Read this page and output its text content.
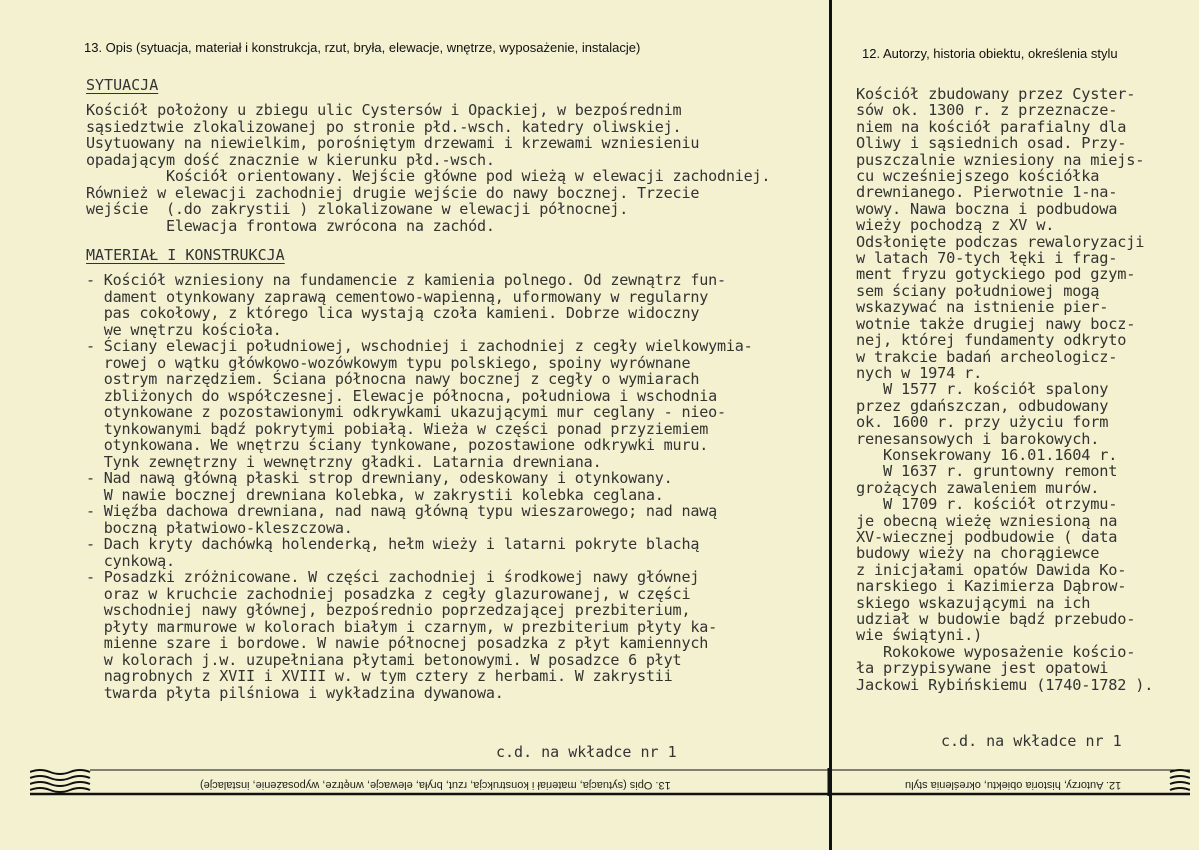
13. Opis (sytuacja, materiał i konstrukcja, rzut, bryła, elewacje, wnętrze, wyposażenie, instalacje)	12. Autorzy, historia obiektu, określenia stylu
SYTUACJA
Kościół położony u zbiegu ulic Cystersów i Opackiej, w bezpośrednim
sąsiedztwie zlokalizowanej po stronie płd.-wsch. katedry oliwskiej.
Usytuowany na niewielkim, porośniętym drzewami i krzewami wzniesieniu
opadającym dość znacznie w kierunku płd.-wsch.
Kościół orientowany. Wejście główne pod wieżą w elewacji zachodniej.
Również w elewacji zachodniej drugie wejście do nawy bocznej. Trzecie
wejście  (.do zakrystii ) zlokalizowane w elewacji północnej.
Elewacja frontowa zwrócona na zachód.
MATERIAŁ I KONSTRUKCJA
- Kościół wzniesiony na fundamencie z kamienia polnego. Od zewnątrz fun-
dament otynkowany zaprawą cementowo-wapienną, uformowany w regularny
pas cokołowy, z którego lica wystają czoła kamieni. Dobrze widoczny
we wnętrzu kościoła.
- Ściany elewacji południowej, wschodniej i zachodniej z cegły wielkowymia-
rowej o wątku główkowo-wozówkowym typu polskiego, spoiny wyrównane
ostrym narzędziem. Ściana północna nawy bocznej z cegły o wymiarach
zbliżonych do współczesnej. Elewacje północna, południowa i wschodnia
otynkowane z pozostawionymi odkrywkami ukazującymi mur ceglany - nieo-
tynkowanymi bądź pokrytymi pobiałą. Wieża w części ponad przyziemiem
otynkowana. We wnętrzu ściany tynkowane, pozostawione odkrywki muru.
Tynk zewnętrzny i wewnętrzny gładki. Latarnia drewniana.
- Nad nawą główną płaski strop drewniany, odeskowany i otynkowany.
W nawie bocznej drewniana kolebka, w zakrystii kolebka ceglana.
- Więźba dachowa drewniana, nad nawą główną typu wieszarowego; nad nawą
boczną płatwiowo-kleszczowa.
- Dach kryty dachówką holenderką, hełm wieży i latarni pokryte blachą
cynkową.
- Posadzki zróżnicowane. W części zachodniej i środkowej nawy głównej
oraz w kruchcie zachodniej posadzka z cegły glazurowanej, w części
wschodniej nawy głównej, bezpośrednio poprzedzającej prezbiterium,
płyty marmurowe w kolorach białym i czarnym, w prezbiterium płyty ka-
mienne szare i bordowe. W nawie północnej posadzka z płyt kamiennych
w kolorach j.w. uzupełniana płytami betonowymi. W posadzce 6 płyt
nagrobnych z XVII i XVIII w. w tym cztery z herbami. W zakrystii
twarda płyta pilśniowa i wykładzina dywanowa.
c.d. na wkładce nr 1
Kościół zbudowany przez Cyster-
sów ok. 1300 r. z przeznacze-
niem na kościół parafialny dla
Oliwy i sąsiednich osad. Przy-
puszczalnie wzniesiony na miejs-
cu wcześniejszego kościółka
drewnianego. Pierwotnie 1-na-
wowy. Nawa boczna i podbudowa
wieży pochodzą z XV w.
Odsłonięte podczas rewaloryzacji
w latach 70-tych łęki i frag-
ment fryzu gotyckiego pod gzym-
sem ściany południowej mogą
wskazywać na istnienie pier-
wotnie także drugiej nawy bocz-
nej, której fundamenty odkryto
w trakcie badań archeologicz-
nych w 1974 r.
W 1577 r. kościół spalony
przez gdańszczan, odbudowany
ok. 1600 r. przy użyciu form
renesansowych i barokowych.
Konsekrowany 16.01.1604 r.
W 1637 r. gruntowny remont
grożących zawaleniem murów.
W 1709 r. kościół otrzymu-
je obecną wieżę wzniesioną na
XV-wiecznej podbudowie ( data
budowy wieży na chorągiewce
z inicjałami opatów Dawida Ko-
narskiego i Kazimierza Dąbrow-
skiego wskazującymi na ich
udział w budowie bądź przebudo-
wie świątyni.)
Rokokowe wyposażenie kościo-
ła przypisywane jest opatowi
Jackowi Rybińskiemu (1740-1782 ).
c.d. na wkładce nr 1
13. Opis (sytuacja, materiał i konstrukcja, rzut, bryła, elewacje, wnętrze, wyposażenie, instalacje)	12. Autorzy, historia obiektu, określenia stylu
